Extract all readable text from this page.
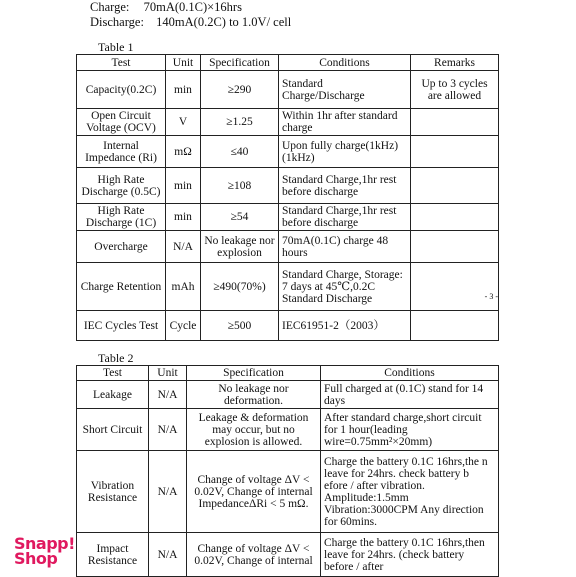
Charge: 70mA(0.1C)×16hrs
Discharge: 140mA(0.2C) to 1.0V/ cell
Table 1
Test	Unit	Specification	Conditions	Remarks
Capacity(0.2C)	min	≥290	Standard Charge/Discharge	Up to 3 cycles are allowed
Open Circuit Voltage (OCV)	V	≥1.25	Within 1hr after standard charge	
Internal Impedance (Ri)	mΩ	≤40	Upon fully charge(1kHz) (1kHz)	
High Rate Discharge (0.5C)	min	≥108	Standard Charge,1hr rest before discharge	
High Rate Discharge (1C)	min	≥54	Standard Charge,1hr rest before discharge	
Overcharge	N/A	No leakage nor explosion	70mA(0.1C) charge 48 hours	
Charge Retention	mAh	≥490(70%)	Standard Charge, Storage: 7 days at 45℃,0.2C Standard Discharge	
IEC Cycles Test	Cycle	≥500	IEC61951-2（2003）	
- 3 -
Table 2
Test	Unit	Specification	Conditions
Leakage	N/A	No leakage nor deformation.	Full charged at (0.1C) stand for 14 days
Short Circuit	N/A	Leakage & deformation may occur, but no explosion is allowed.	After standard charge,short circuit for 1 hour(leading wire=0.75mm²×20mm)
Vibration Resistance	N/A	Change of voltage ΔV < 0.02V, Change of internal ImpedanceΔRi < 5 mΩ.	Charge the battery 0.1C 16hrs,the n leave for 24hrs. check battery b efore / after vibration. Amplitude:1.5mm Vibration:3000CPM Any direction for 60mins.
Impact Resistance	N/A	Change of voltage ΔV < 0.02V, Change of internal	Charge the battery 0.1C 16hrs,then leave for 24hrs. (check battery before / after
Snapp!
Shop
